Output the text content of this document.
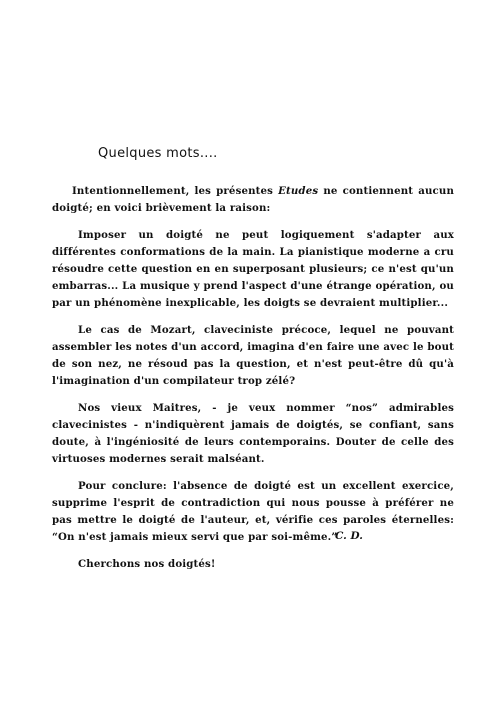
Quelques mots....

Intentionnellement, les présentes Etudes ne contiennent aucun doigté; en voici brièvement la raison:

Imposer un doigté ne peut logiquement s'adapter aux différentes conformations de la main. La pianistique moderne a cru résoudre cette question en en superposant plusieurs; ce n'est qu'un embarras... La musique y prend l'aspect d'une étrange opération, ou par un phénomène inexplicable, les doigts se devraient multiplier...

Le cas de Mozart, claveciniste précoce, lequel ne pouvant assembler les notes d'un accord, imagina d'en faire une avec le bout de son nez, ne résoud pas la question, et n'est peut-être dû qu'à l'imagination d'un compilateur trop zélé?

Nos vieux Maitres, - je veux nommer “nos” admirables clavecinistes - n'indiquèrent jamais de doigtés, se confiant, sans doute, à l'ingéniosité de leurs contemporains. Douter de celle des virtuoses modernes serait malséant.

Pour conclure: l'absence de doigté est un excellent exercice, supprime l'esprit de contradiction qui nous pousse à préférer ne pas mettre le doigté de l'auteur, et, vérifie ces paroles éternelles: “On n'est jamais mieux servi que par soi-même.”

Cherchons nos doigtés!

C. D.
